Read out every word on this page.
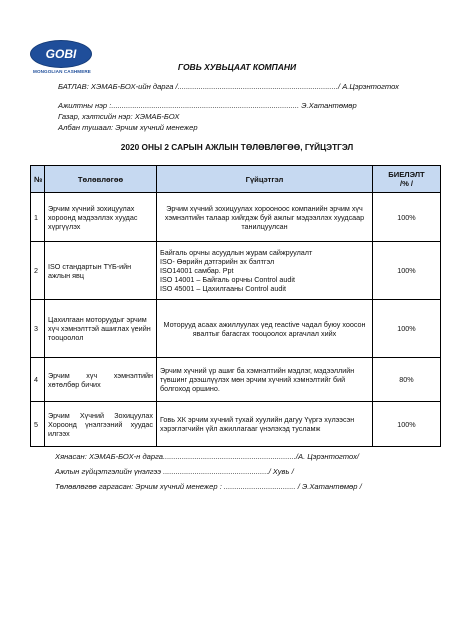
GOBI
MONGOLIAN CASHMERE	ГОВЬ ХУВЬЦААТ КОМПАНИ
БАТЛАВ: ХЭМАБ-БОХ-ийн дарга /............................................................................/ А.Цэрэнтогтох
Ажилтны нэр :......................................................................................... Э.Хатантөмөр
Газар, хэлтсийн нэр: ХЭМАБ-БОХ
Албан тушаал: Эрчим хүчний менежер
2020 ОНЫ 2 САРЫН АЖЛЫН ТӨЛӨВЛӨГӨӨ, ГҮЙЦЭТГЭЛ
№	Төлөвлөгөө	Гүйцэтгэл	БИЕЛЭЛТ
/% /
1	Эрчим хүчний зохицуулах хороонд мэдээллэх хуудас хүргүүлэх	Эрчим хүчний зохицуулах хорооноос компанийн эрчим хүч хэмнэлтийн талаар хийгдэж буй ажлыг мэдээллэх хуудсаар танилцуулсан	100%
2	ISO стандартын ТҮБ-ийн ажлын явц	Байгаль орчны асуудлын журам сайжруулалт
ISO- Өөрийн дэтгэрийн эх бэлтгэл
ISO14001 самбар. Ppt
ISO 14001 – Байгаль орчны Control audit
ISO 45001 – Цахилгааны Control audit	100%
3	Цахилгаан моторуудыг эрчим хүч хэмнэлттэй ашиглах үеийн тооцоолол	Моторууд асаах ажиллуулах үед reactive чадал буюу хоосон явалтыг багасгах тооцоолох аргачлал хийх	100%
4	Эрчим хүч хэмнэлтийн хөтөлбөр бичих	Эрчим хүчний үр ашиг ба хэмнэлтийн мэдлэг, мэдээллийн түвшинг дээшлүүлэх мөн эрчим хүчний хэмнэлтийг бий болгоход оршино.	80%
5	Эрчим Хүчний Зохицуулах Хороонд үнэлгээний хуудас илгээх	Говь ХК эрчим хүчний тухай хуулийн дагуу Үүргэ хүлээсэн хэрэглэгчийн үйл ажиллагааг үнэлэхэд тусламж	100%
Хянасан: ХЭМАБ-БОХ-н дарга.............................................................../А. Цэрэнтогтох/
Ажлын гүйцэтгэлийн үнэлгээ ................................................../ Хувь /
Төлөвлөгөө гаргасан: Эрчим хүчний менежер : .................................. / Э.Хатантөмөр /
